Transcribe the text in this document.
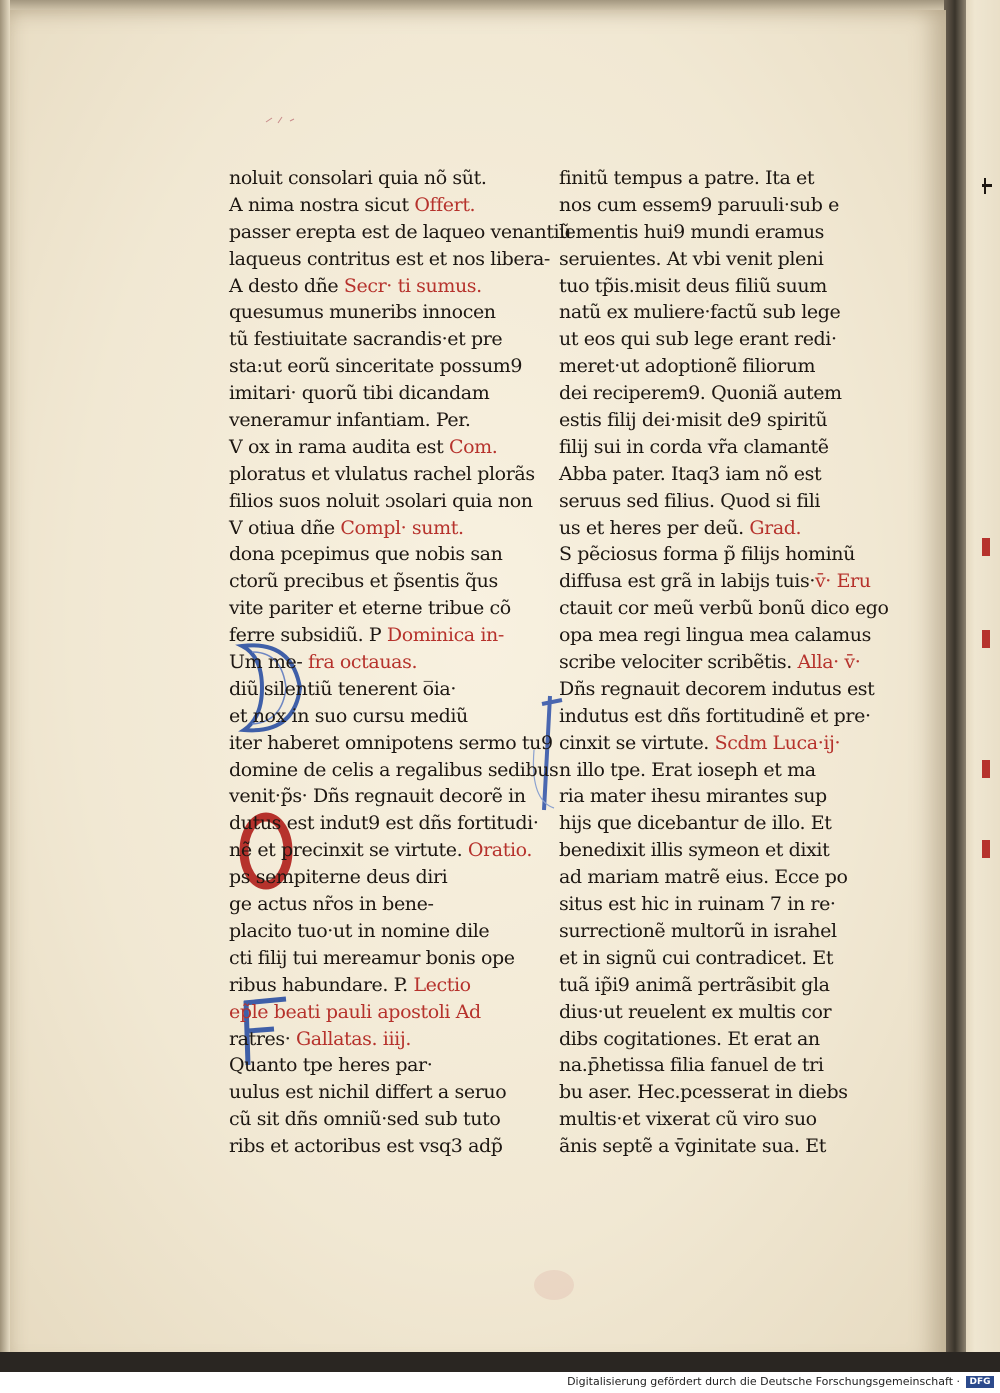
noluit consolari quia nõ sũt.
A nima nostra sicut Offert.
passer erepta est de laqueo venantiũ
laqueus contritus est et nos libera-
A desto dñe Secr· ti sumus.
quesumus muneribs innocen
tũ festiuitate sacrandis·et pre
sta:ut eorũ sinceritate possum9
imitari· quorũ tibi dicandam
veneramur infantiam. Per.
V ox in rama audita est Com.
ploratus et vlulatus rachel plorãs
filios suos noluit ɔsolari quia non
V otiua dñe Compl· sumt.
dona pcepimus que nobis san
ctorũ precibus et p̃sentis q̃us
vite pariter et eterne tribue cõ
ferre subsidiũ. P Dominica in-
Um me- fra octauas.
diũ silentiũ tenerent o̅ia·
et nox in suo cursu mediũ
iter haberet omnipotens sermo tu9
domine de celis a regalibus sedibus
venit·p̃s· Dñs regnauit decorẽ in
dutus est indut9 est dñs fortitudi·
nẽ et precinxit se virtute. Oratio.
ps sempiterne deus diri
ge actus nr̃os in bene-
placito tuo·ut in nomine dile
cti filij tui mereamur bonis ope
ribus habundare. P. Lectio
ep̃le beati pauli apostoli Ad
ratres· Gallatas. iiij.
Quanto tpe heres par·
uulus est nichil differt a seruo
cũ sit dñs omniũ·sed sub tuto
ribs et actoribus est vsq3 adp̃
finitũ tempus a patre. Ita et
nos cum essem9 paruuli·sub e
lementis hui9 mundi eramus
seruientes. At vbi venit pleni
tuo tp̃is.misit deus filiũ suum
natũ ex muliere·factũ sub lege
ut eos qui sub lege erant redi·
meret·ut adoptionẽ filiorum
dei reciperem9. Quoniã autem
estis filij dei·misit de9 spiritũ
filij sui in corda vr̃a clamantẽ
Abba pater. Itaq3 iam nõ est
seruus sed filius. Quod si fili
us et heres per deũ. Grad.
S pẽciosus forma p̃ filijs hominũ
diffusa est grã in labijs tuis·v̄· Eru
ctauit cor meũ verbũ bonũ dico ego
opa mea regi lingua mea calamus
scribe velociter scribẽtis. Alla· v̄·
Dñs regnauit decorem indutus est
indutus est dñs fortitudinẽ et pre·
cinxit se virtute. Scdm Luca·ij·
n illo tpe. Erat ioseph et ma
ria mater ihesu mirantes sup
hijs que dicebantur de illo. Et
benedixit illis symeon et dixit
ad mariam matrẽ eius. Ecce po
situs est hic in ruinam 7 in re·
surrectionẽ multorũ in israhel
et in signũ cui contradicet. Et
tuã ip̃i9 animã pertrãsibit gla
dius·ut reuelent ex multis cor
dibs cogitationes. Et erat an
na.p̄hetissa filia fanuel de tri
bu aser. Hec.pcesserat in diebs
multis·et vixerat cũ viro suo
ãnis septẽ a v̄ginitate sua. Et
Digitalisierung gefördert durch die Deutsche Forschungsgemeinschaft ·	DFG
